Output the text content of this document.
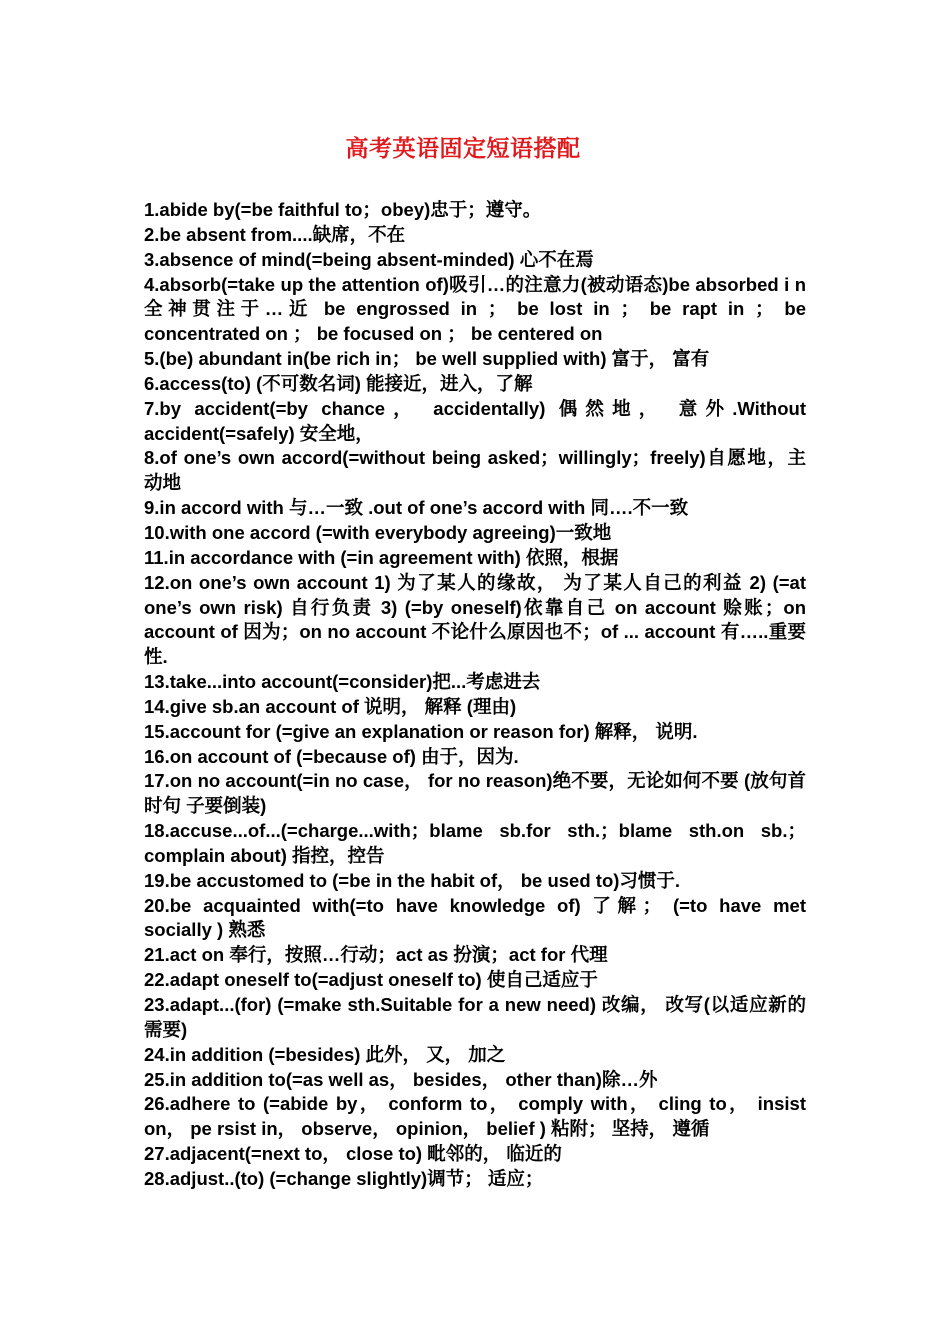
高考英语固定短语搭配

1.abide by(=be faithful to；obey)忠于；遵守。

2.be absent from....缺席，不在

3.absence of mind(=being absent-minded) 心不在焉

4.absorb(=take up the attention of)吸引…的注意力(被动语态)be absorbed i n 全神贯注于…近 be engrossed in ； be lost in ； be rapt in ； be concentrated on ； be focused on ； be centered on

5.(be) abundant in(be rich in； be well supplied with) 富于， 富有

6.access(to) (不可数名词) 能接近，进入，了解

7.by accident(=by chance， accidentally) 偶然地， 意外.Without accident(=safely) 安全地，

8.of one’s own accord(=without being asked；willingly；freely)自愿地，主 动地

9.in accord with 与…一致 .out of one’s accord with 同….不一致

10.with one accord (=with everybody agreeing)一致地

11.in accordance with (=in agreement with) 依照，根据

12.on one’s own account 1) 为了某人的缘故， 为了某人自己的利益 2) (=at one’s own risk) 自行负责 3) (=by oneself)依靠自己 on account 赊账；on account of 因为；on no account 不论什么原因也不；of ... account 有…..重要性.

13.take...into account(=consider)把...考虑进去

14.give sb.an account of 说明， 解释 (理由)

15.account for (=give an explanation or reason for) 解释， 说明.

16.on account of (=because of) 由于，因为.

17.on no account(=in no case， for no reason)绝不要，无论如何不要 (放句首时句 子要倒装)

18.accuse...of...(=charge...with；blame sb.for sth.；blame sth.on sb.；complain about) 指控，控告

19.be accustomed to (=be in the habit of， be used to)习惯于.

20.be acquainted with(=to have knowledge of) 了解； (=to have met socially ) 熟悉

21.act on 奉行，按照…行动；act as 扮演；act for 代理

22.adapt oneself to(=adjust oneself to) 使自己适应于

23.adapt...(for) (=make sth.Suitable for a new need) 改编， 改写(以适应新的需要)

24.in addition (=besides) 此外， 又， 加之

25.in addition to(=as well as， besides， other than)除…外

26.adhere to (=abide by， conform to， comply with， cling to， insist on， pe rsist in， observe， opinion， belief ) 粘附； 坚持， 遵循

27.adjacent(=next to， close to) 毗邻的， 临近的

28.adjust..(to) (=change slightly)调节； 适应；
